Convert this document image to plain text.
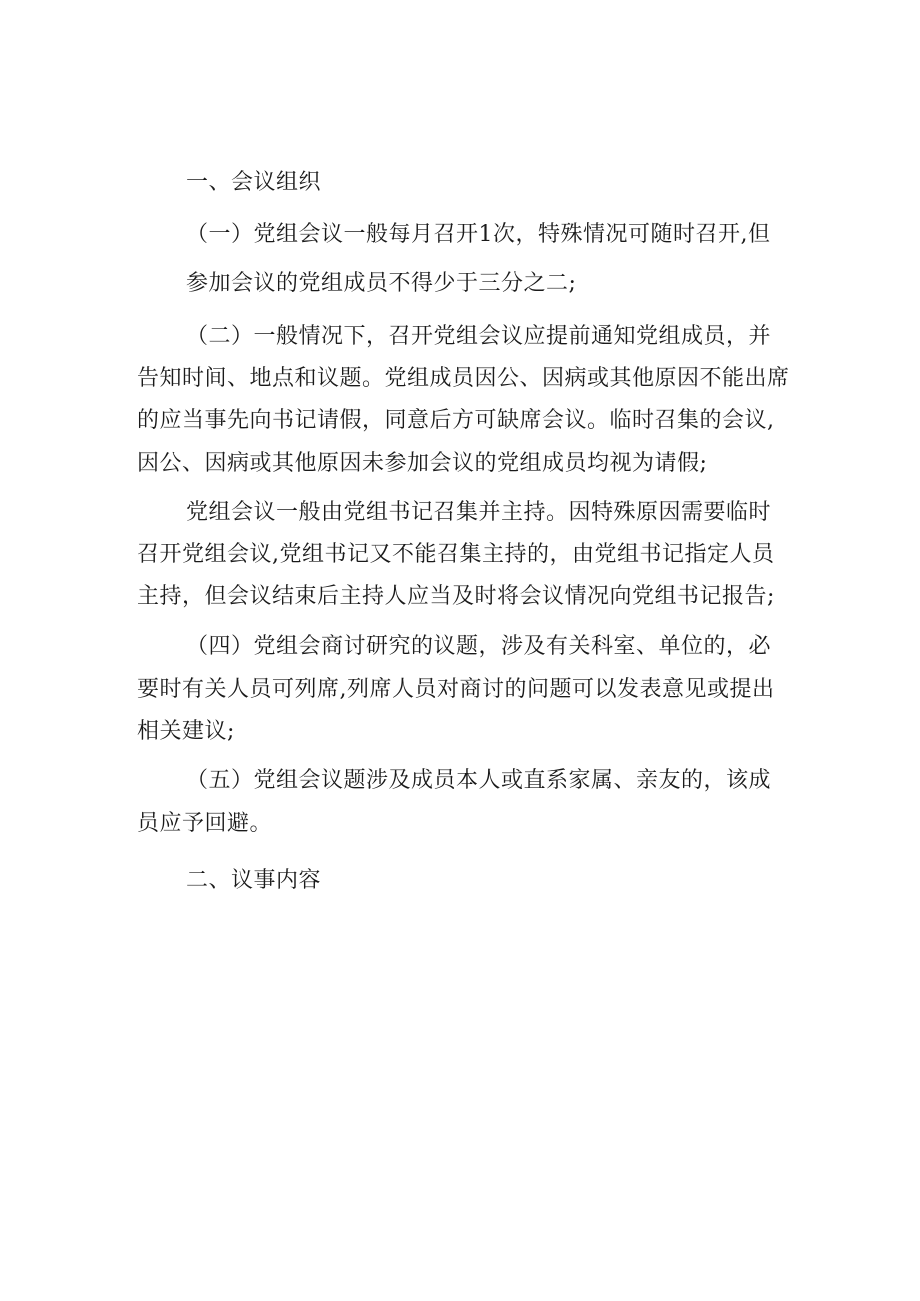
一、会议组织
（一）党组会议一般每月召开1次，特殊情况可随时召开,但
参加会议的党组成员不得少于三分之二;
（二）一般情况下，召开党组会议应提前通知党组成员，并
告知时间、地点和议题。党组成员因公、因病或其他原因不能出席
的应当事先向书记请假，同意后方可缺席会议。临时召集的会议,
因公、因病或其他原因未参加会议的党组成员均视为请假;
党组会议一般由党组书记召集并主持。因特殊原因需要临时
召开党组会议,党组书记又不能召集主持的，由党组书记指定人员
主持，但会议结束后主持人应当及时将会议情况向党组书记报告;
（四）党组会商讨研究的议题，涉及有关科室、单位的，必
要时有关人员可列席,列席人员对商讨的问题可以发表意见或提出
相关建议;
（五）党组会议题涉及成员本人或直系家属、亲友的，该成
员应予回避。
二、议事内容
